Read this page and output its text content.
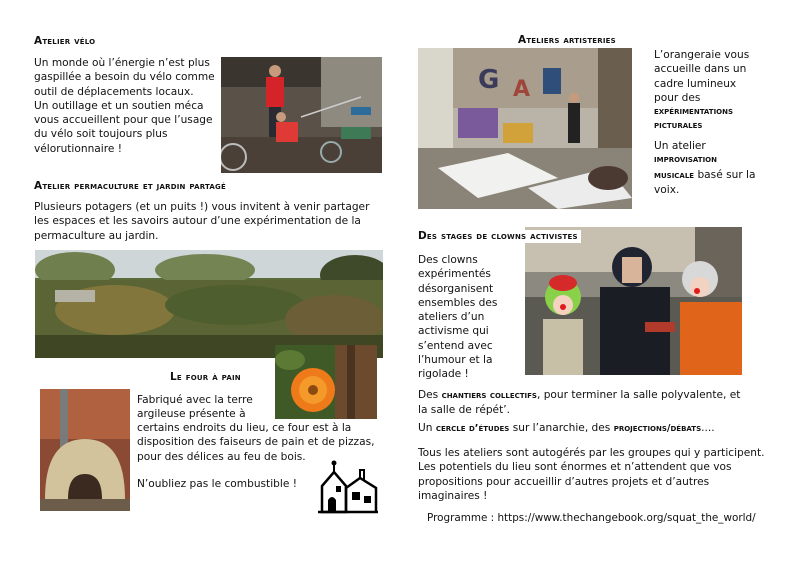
Atelier vélo
Un monde où l’énergie n’est plus
gaspillée a besoin du vélo comme
outil de déplacements locaux.
Un outillage et un soutien méca
vous accueillent pour que l’usage
du vélo soit toujours plus
vélorutionnaire !
Atelier permaculture et jardin partagé
Plusieurs potagers (et un puits !) vous invitent à venir partager
les espaces et les savoirs autour d’une expérimentation de la
permaculture au jardin.
Le four à pain
Fabriqué avec la terre
argileuse présente à
certains endroits du lieu, ce four est à la
disposition des faiseurs de pain et de pizzas,
pour des délices au feu de bois.
N’oubliez pas le combustible !
Ateliers artisteries
G A
L’orangeraie vous
accueille dans un
cadre lumineux
pour des
expérimentations
picturales
Un atelier
improvisation
musicale basé sur la
voix.
Des stages de clowns activistes
Des clowns
expérimentés
désorganisent
ensembles des
ateliers d’un
activisme qui
s’entend avec
l’humour et la
rigolade !
Des chantiers collectifs, pour terminer la salle polyvalente, et
la salle de répét’.
Un cercle d’études sur l’anarchie, des projections/débats....
Tous les ateliers sont autogérés par les groupes qui y participent.
Les potentiels du lieu sont énormes et n’attendent que vos
propositions pour accueillir d’autres projets et d’autres
imaginaires !
Programme : https://www.thechangebook.org/squat_the_world/
